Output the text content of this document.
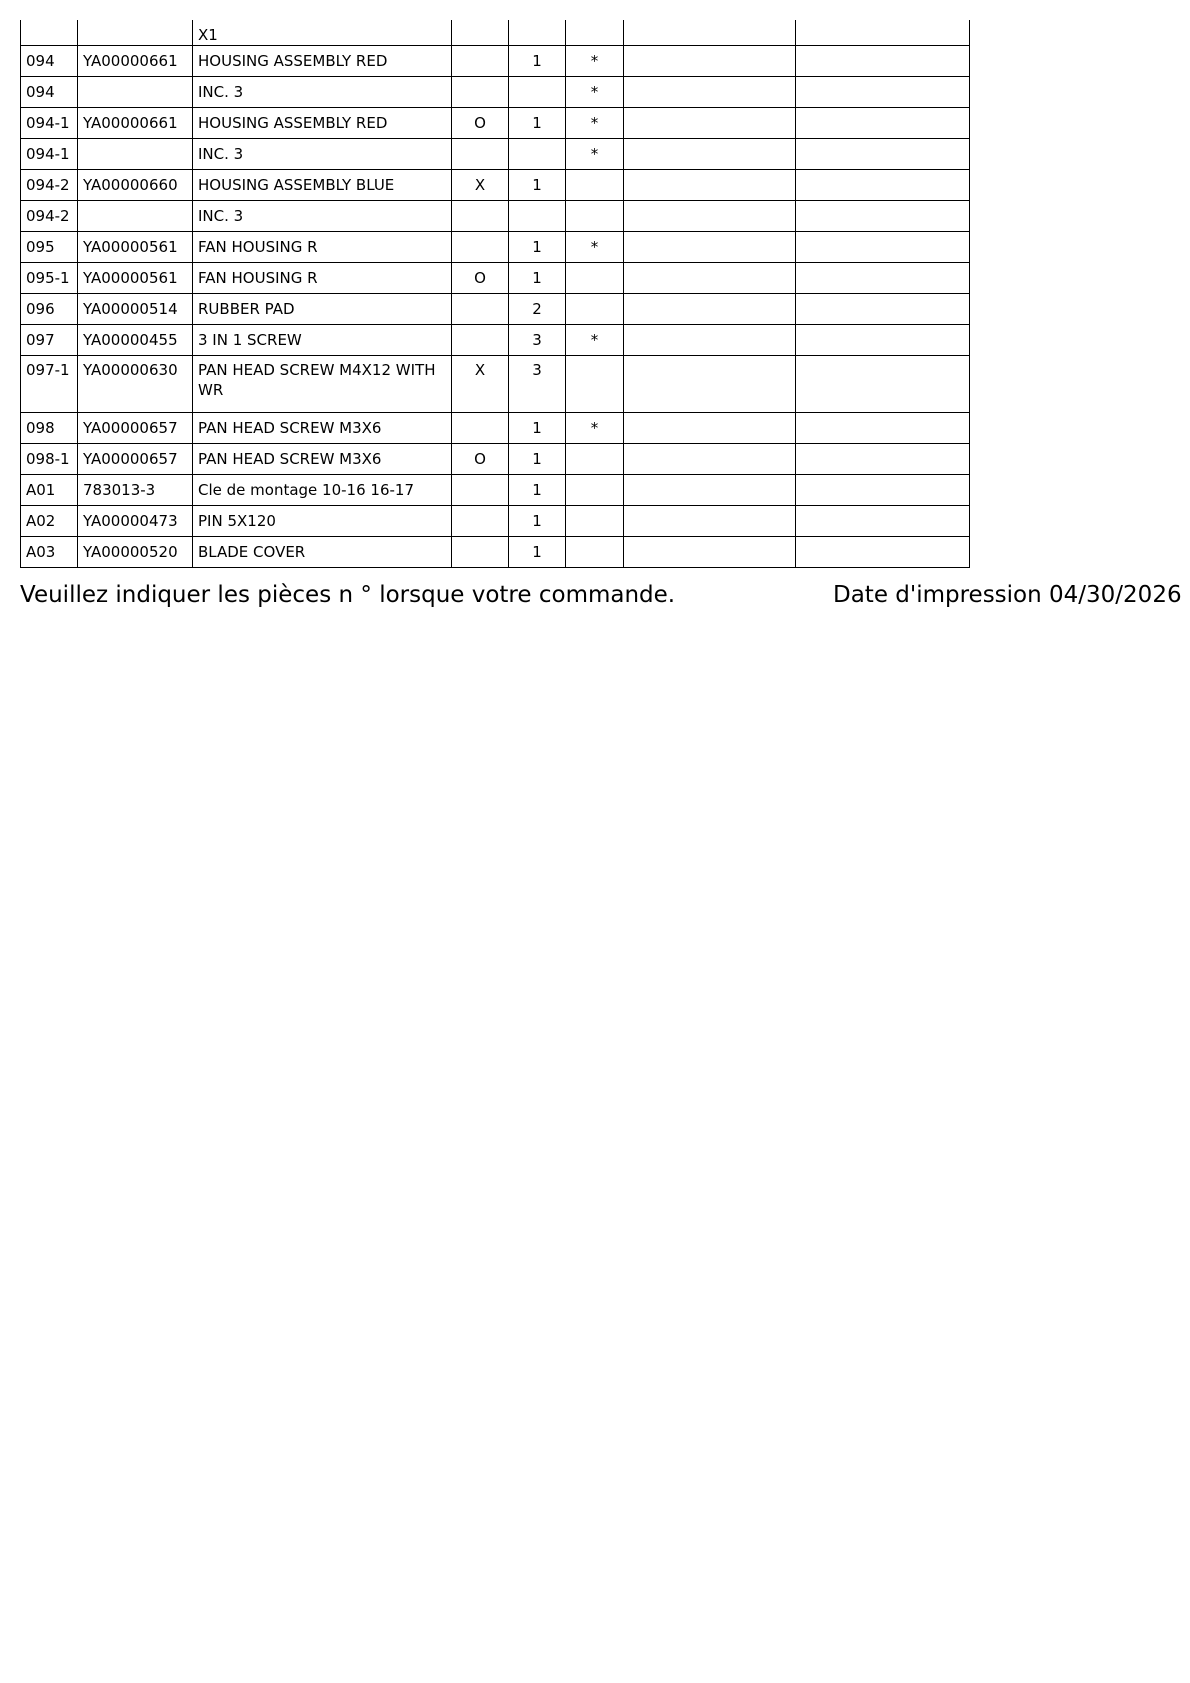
		X1					
094	YA00000661	HOUSING ASSEMBLY RED		1	*		
094		INC. 3			*		
094-1	YA00000661	HOUSING ASSEMBLY RED	O	1	*		
094-1		INC. 3			*		
094-2	YA00000660	HOUSING ASSEMBLY BLUE	X	1			
094-2		INC. 3					
095	YA00000561	FAN HOUSING R		1	*		
095-1	YA00000561	FAN HOUSING R	O	1			
096	YA00000514	RUBBER PAD		2			
097	YA00000455	3 IN 1 SCREW		3	*		
097-1	YA00000630	PAN HEAD SCREW M4X12 WITH WR	X	3			
098	YA00000657	PAN HEAD SCREW M3X6		1	*		
098-1	YA00000657	PAN HEAD SCREW M3X6	O	1			
A01	783013-3	Cle de montage 10-16 16-17		1			
A02	YA00000473	PIN 5X120		1			
A03	YA00000520	BLADE COVER		1			
Veuillez indiquer les pièces n ° lorsque votre commande.	Date d'impression 04/30/2026
